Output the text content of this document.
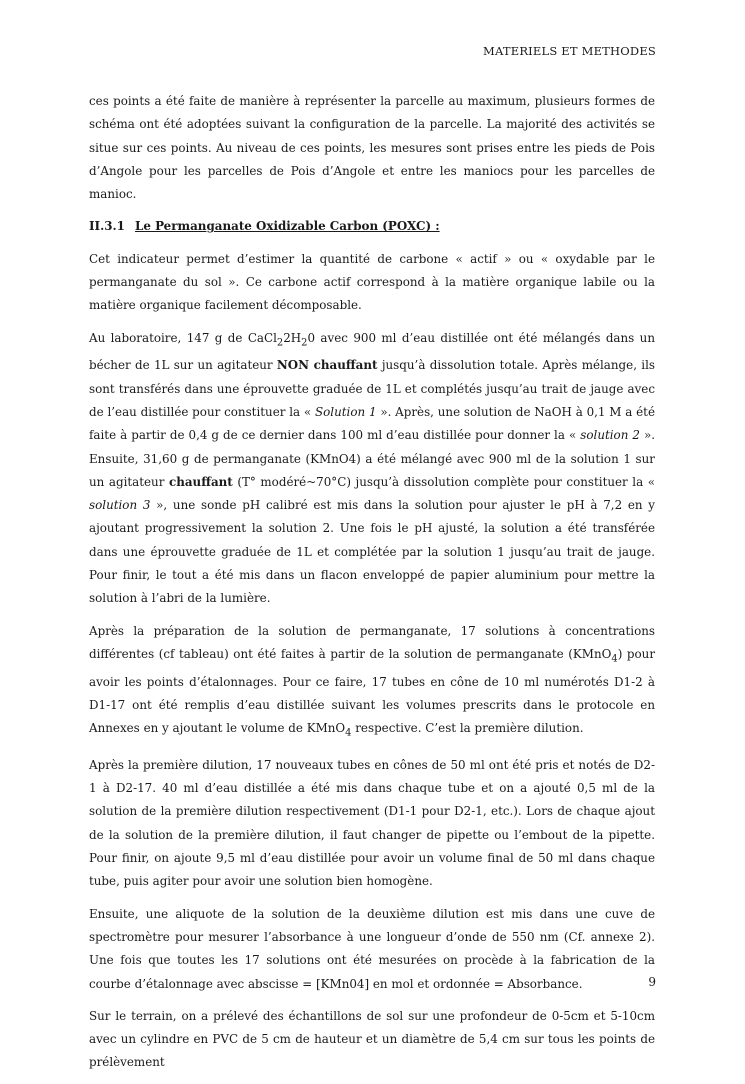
MATERIELS ET METHODES

ces points a été faite de manière à représenter la parcelle au maximum, plusieurs formes de schéma ont été adoptées suivant la configuration de la parcelle. La majorité des activités se situe sur ces points. Au niveau de ces points, les mesures sont prises entre les pieds de Pois d’Angole pour les parcelles de Pois d’Angole et entre les maniocs pour les parcelles de manioc.

II.3.1 Le Permanganate Oxidizable Carbon (POXC) :

Cet indicateur permet d’estimer la quantité de carbone « actif » ou « oxydable par le permanganate du sol ». Ce carbone actif correspond à la matière organique labile ou la matière organique facilement décomposable.

Au laboratoire, 147 g de $CaCl_22H_20$ avec 900 ml d’eau distillée ont été mélangés dans un bécher de 1L sur un agitateur NON chauffant jusqu’à dissolution totale. Après mélange, ils sont transférés dans une éprouvette graduée de 1L et complétés jusqu’au trait de jauge avec de l’eau distillée pour constituer la « Solution 1 ». Après, une solution de NaOH à 0,1 M a été faite à partir de 0,4 g de ce dernier dans 100 ml d’eau distillée pour donner la « solution 2 ». Ensuite, 31,60 g de permanganate (KMnO4) a été mélangé avec 900 ml de la solution 1 sur un agitateur chauffant (T° modéré~70°C) jusqu’à dissolution complète pour constituer la « solution 3 », une sonde pH calibré est mis dans la solution pour ajuster le pH à 7,2 en y ajoutant progressivement la solution 2. Une fois le pH ajusté, la solution a été transférée dans une éprouvette graduée de 1L et complétée par la solution 1 jusqu’au trait de jauge. Pour finir, le tout a été mis dans un flacon enveloppé de papier aluminium pour mettre la solution à l’abri de la lumière.

Après la préparation de la solution de permanganate, 17 solutions à concentrations différentes (cf tableau) ont été faites à partir de la solution de permanganate (KMnO$_4$) pour avoir les points d’étalonnages. Pour ce faire, 17 tubes en cône de 10 ml numérotés D1-2 à D1-17 ont été remplis d’eau distillée suivant les volumes prescrits dans le protocole en Annexes en y ajoutant le volume de KMnO$_4$ respective. C’est la première dilution.

Après la première dilution, 17 nouveaux tubes en cônes de 50 ml ont été pris et notés de D2-1 à D2-17. 40 ml d’eau distillée a été mis dans chaque tube et on a ajouté 0,5 ml de la solution de la première dilution respectivement (D1-1 pour D2-1, etc.). Lors de chaque ajout de la solution de la première dilution, il faut changer de pipette ou l’embout de la pipette. Pour finir, on ajoute 9,5 ml d’eau distillée pour avoir un volume final de 50 ml dans chaque tube, puis agiter pour avoir une solution bien homogène.

Ensuite, une aliquote de la solution de la deuxième dilution est mis dans une cuve de spectromètre pour mesurer l’absorbance à une longueur d’onde de 550 nm (Cf. annexe 2). Une fois que toutes les 17 solutions ont été mesurées on procède à la fabrication de la courbe d’étalonnage avec abscisse = [KMn04] en mol et ordonnée = Absorbance.

Sur le terrain, on a prélevé des échantillons de sol sur une profondeur de 0-5cm et 5-10cm avec un cylindre en PVC de 5 cm de hauteur et un diamètre de 5,4 cm sur tous les points de prélèvement

9
